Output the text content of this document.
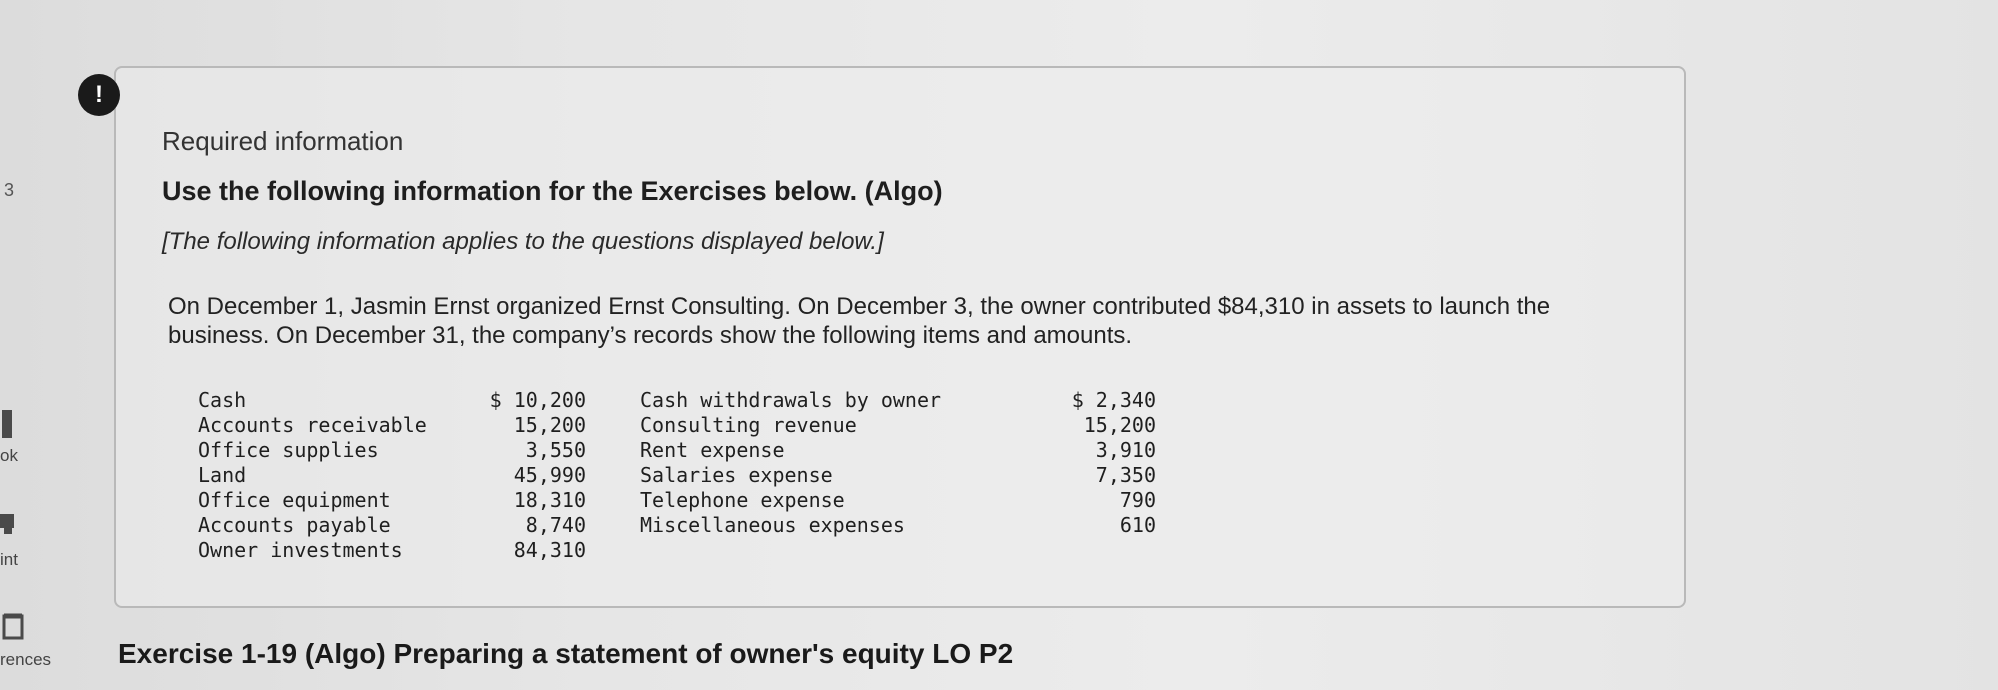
3
ok
int
rences
!
Required information
Use the following information for the Exercises below. (Algo)
[The following information applies to the questions displayed below.]
On December 1, Jasmin Ernst organized Ernst Consulting. On December 3, the owner contributed $84,310 in assets to launch the business. On December 31, the company’s records show the following items and amounts.
Cash	$ 10,200	Cash withdrawals by owner	$ 2,340
Accounts receivable	15,200	Consulting revenue	15,200
Office supplies	3,550	Rent expense	3,910
Land	45,990	Salaries expense	7,350
Office equipment	18,310	Telephone expense	790
Accounts payable	8,740	Miscellaneous expenses	610
Owner investments	84,310
Exercise 1-19 (Algo) Preparing a statement of owner's equity LO P2
